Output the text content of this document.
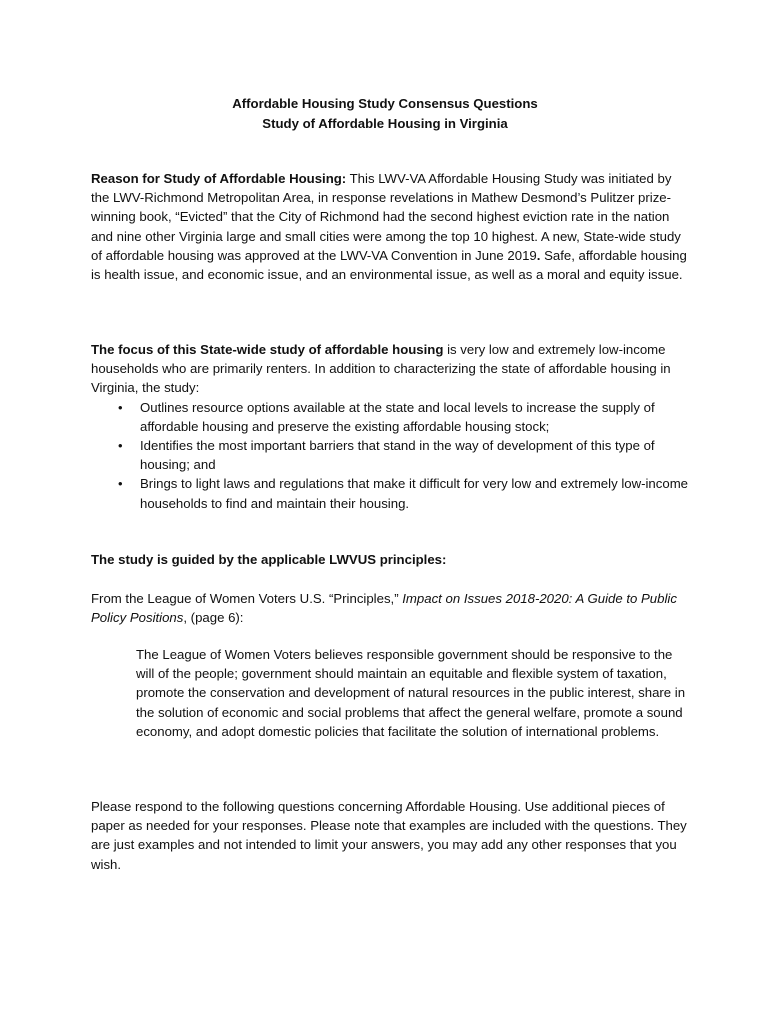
Affordable Housing Study Consensus Questions
Study of Affordable Housing in Virginia

Reason for Study of Affordable Housing: This LWV-VA Affordable Housing Study was initiated by the LWV-Richmond Metropolitan Area, in response revelations in Mathew Desmond’s Pulitzer prize-winning book, “Evicted” that the City of Richmond had the second highest eviction rate in the nation and nine other Virginia large and small cities were among the top 10 highest. A new, State-wide study of affordable housing was approved at the LWV-VA Convention in June 2019. Safe, affordable housing is health issue, and economic issue, and an environmental issue, as well as a moral and equity issue.

The focus of this State-wide study of affordable housing is very low and extremely low-income households who are primarily renters. In addition to characterizing the state of affordable housing in Virginia, the study:

• Outlines resource options available at the state and local levels to increase the supply of affordable housing and preserve the existing affordable housing stock;
• Identifies the most important barriers that stand in the way of development of this type of housing; and
• Brings to light laws and regulations that make it difficult for very low and extremely low-income households to find and maintain their housing.

The study is guided by the applicable LWVUS principles:

From the League of Women Voters U.S. “Principles,” Impact on Issues 2018-2020: A Guide to Public Policy Positions, (page 6):

The League of Women Voters believes responsible government should be responsive to the will of the people; government should maintain an equitable and flexible system of taxation, promote the conservation and development of natural resources in the public interest, share in the solution of economic and social problems that affect the general welfare, promote a sound economy, and adopt domestic policies that facilitate the solution of international problems.

Please respond to the following questions concerning Affordable Housing. Use additional pieces of paper as needed for your responses. Please note that examples are included with the questions. They are just examples and not intended to limit your answers, you may add any other responses that you wish.
